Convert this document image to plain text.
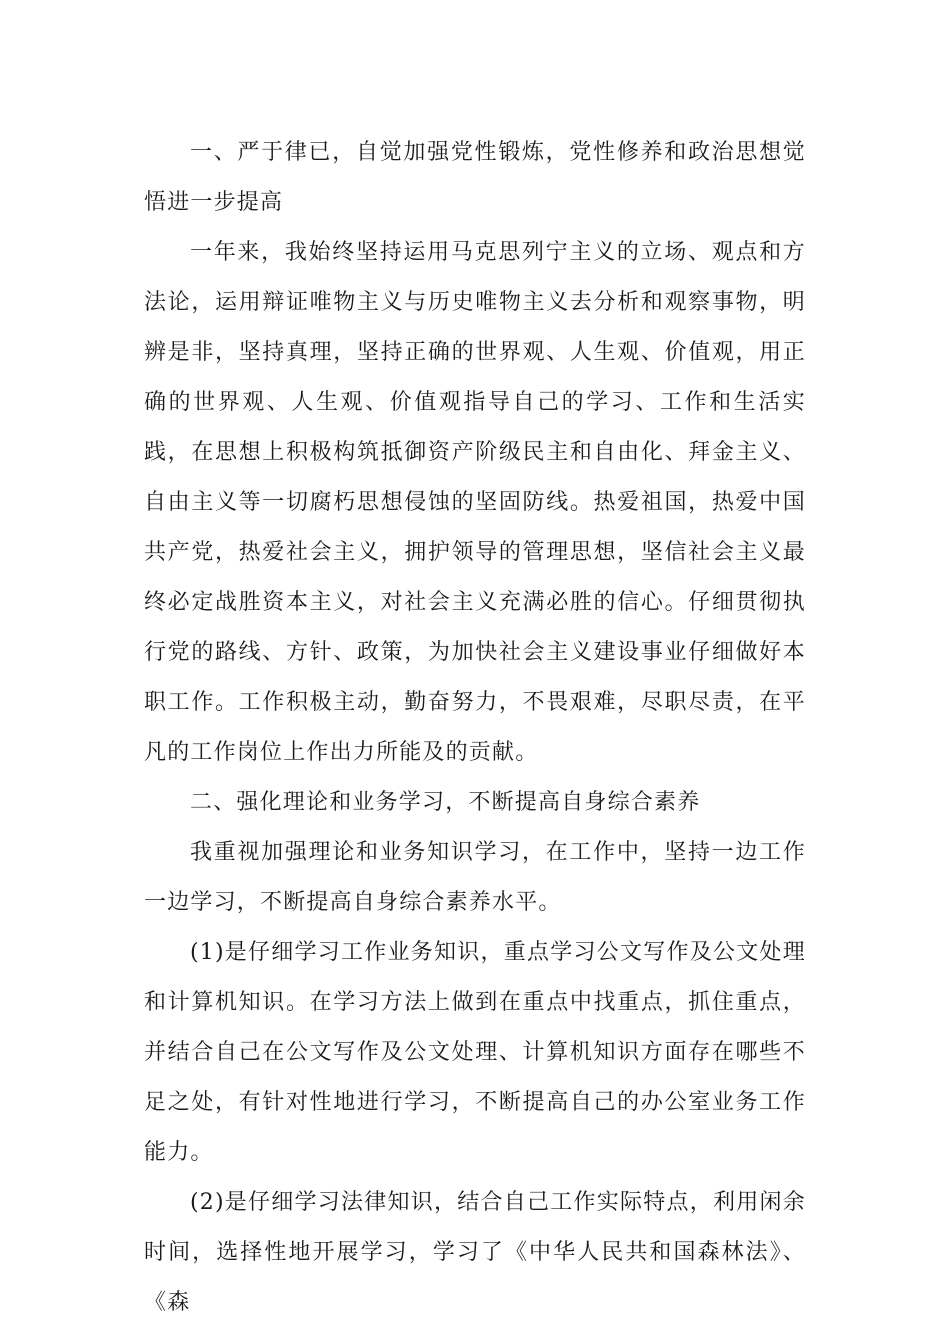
一、严于律已，自觉加强党性锻炼，党性修养和政治思想觉悟进一步提高

一年来，我始终坚持运用马克思列宁主义的立场、观点和方法论，运用辩证唯物主义与历史唯物主义去分析和观察事物，明辨是非，坚持真理，坚持正确的世界观、人生观、价值观，用正确的世界观、人生观、价值观指导自己的学习、工作和生活实践，在思想上积极构筑抵御资产阶级民主和自由化、拜金主义、自由主义等一切腐朽思想侵蚀的坚固防线。热爱祖国，热爱中国共产党，热爱社会主义，拥护领导的管理思想，坚信社会主义最终必定战胜资本主义，对社会主义充满必胜的信心。仔细贯彻执行党的路线、方针、政策，为加快社会主义建设事业仔细做好本职工作。工作积极主动，勤奋努力，不畏艰难，尽职尽责，在平凡的工作岗位上作出力所能及的贡献。

二、强化理论和业务学习，不断提高自身综合素养

我重视加强理论和业务知识学习，在工作中，坚持一边工作一边学习，不断提高自身综合素养水平。

(1)是仔细学习工作业务知识，重点学习公文写作及公文处理和计算机知识。在学习方法上做到在重点中找重点，抓住重点，并结合自己在公文写作及公文处理、计算机知识方面存在哪些不足之处，有针对性地进行学习，不断提高自己的办公室业务工作能力。

(2)是仔细学习法律知识，结合自己工作实际特点，利用闲余时间，选择性地开展学习，学习了《中华人民共和国森林法》、《森
